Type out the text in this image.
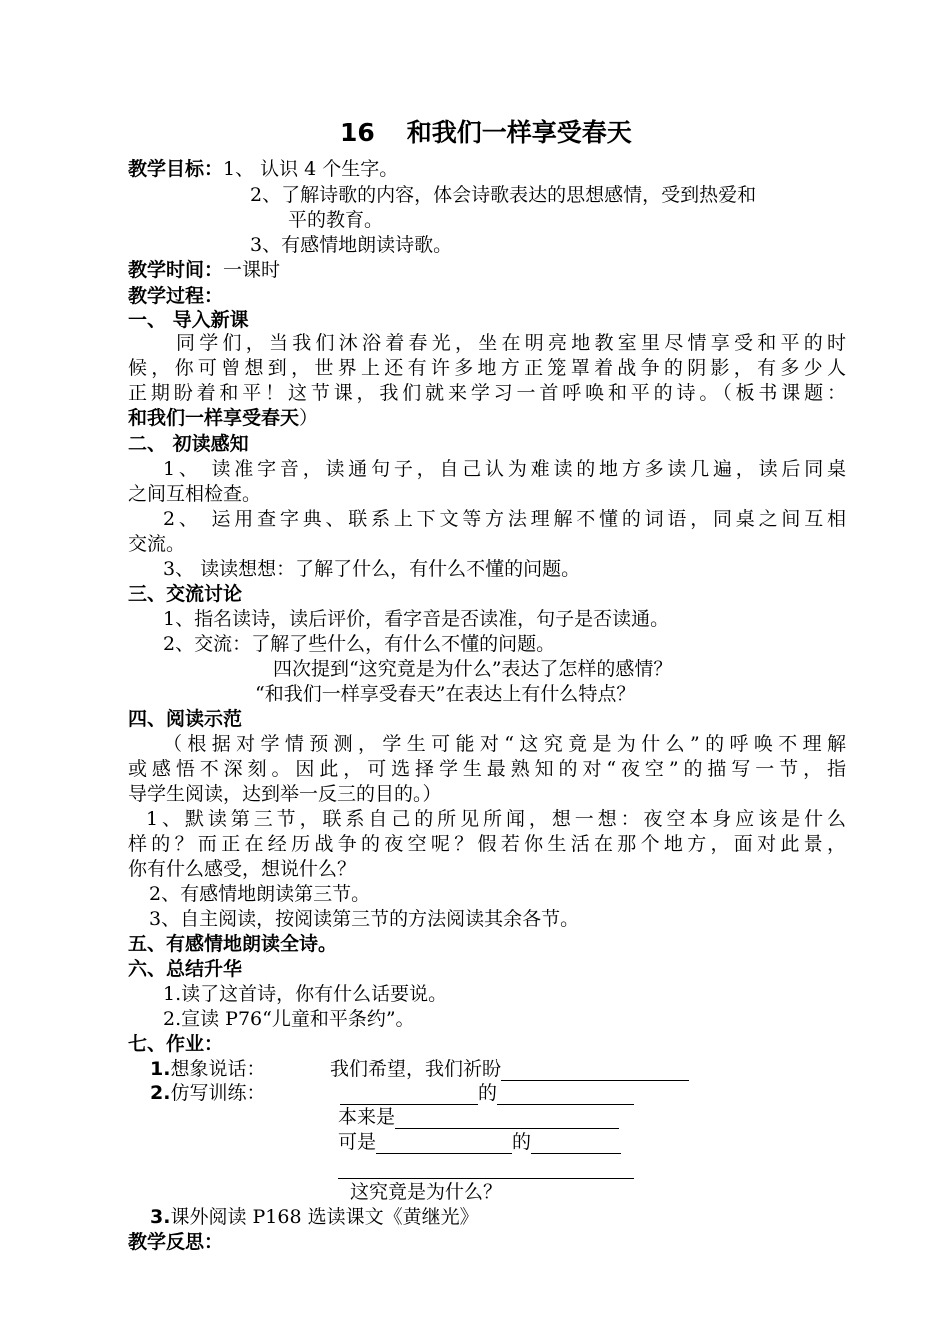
16 和我们一样享受春天
教学目标：1、 认识 4 个生字。
2、了解诗歌的内容，体会诗歌表达的思想感情，受到热爱和
平的教育。
3、有感情地朗读诗歌。
教学时间：一课时
教学过程：
一、 导入新课
同学们，当我们沐浴着春光，坐在明亮地教室里尽情享受和平的时
候，你可曾想到，世界上还有许多地方正笼罩着战争的阴影，有多少人
正期盼着和平！这节课，我们就来学习一首呼唤和平的诗。（板书课题：
和我们一样享受春天）
二、 初读感知
1、 读准字音，读通句子，自己认为难读的地方多读几遍，读后同桌
之间互相检查。
2、 运用查字典、联系上下文等方法理解不懂的词语，同桌之间互相
交流。
3、 读读想想：了解了什么，有什么不懂的问题。
三、交流讨论
1、指名读诗，读后评价，看字音是否读准，句子是否读通。
2、交流：了解了些什么，有什么不懂的问题。
四次提到“这究竟是为什么”表达了怎样的感情？
“和我们一样享受春天”在表达上有什么特点？
四、阅读示范
（根据对学情预测，学生可能对“这究竟是为什么”的呼唤不理解
或感悟不深刻。因此，可选择学生最熟知的对“夜空”的描写一节，指
导学生阅读，达到举一反三的目的。）
1、默读第三节，联系自己的所见所闻，想一想：夜空本身应该是什么
样的？而正在经历战争的夜空呢？假若你生活在那个地方，面对此景，
你有什么感受，想说什么？
2、有感情地朗读第三节。
3、自主阅读，按阅读第三节的方法阅读其余各节。
五、有感情地朗读全诗。
六、总结升华
1.读了这首诗，你有什么话要说。
2.宣读 P76“儿童和平条约”。
七、作业：
1.想象说话：	我们希望，我们祈盼
2.仿写训练：	的
本来是
可是	的
这究竟是为什么？
3.课外阅读 P168 选读课文《黄继光》
教学反思：
